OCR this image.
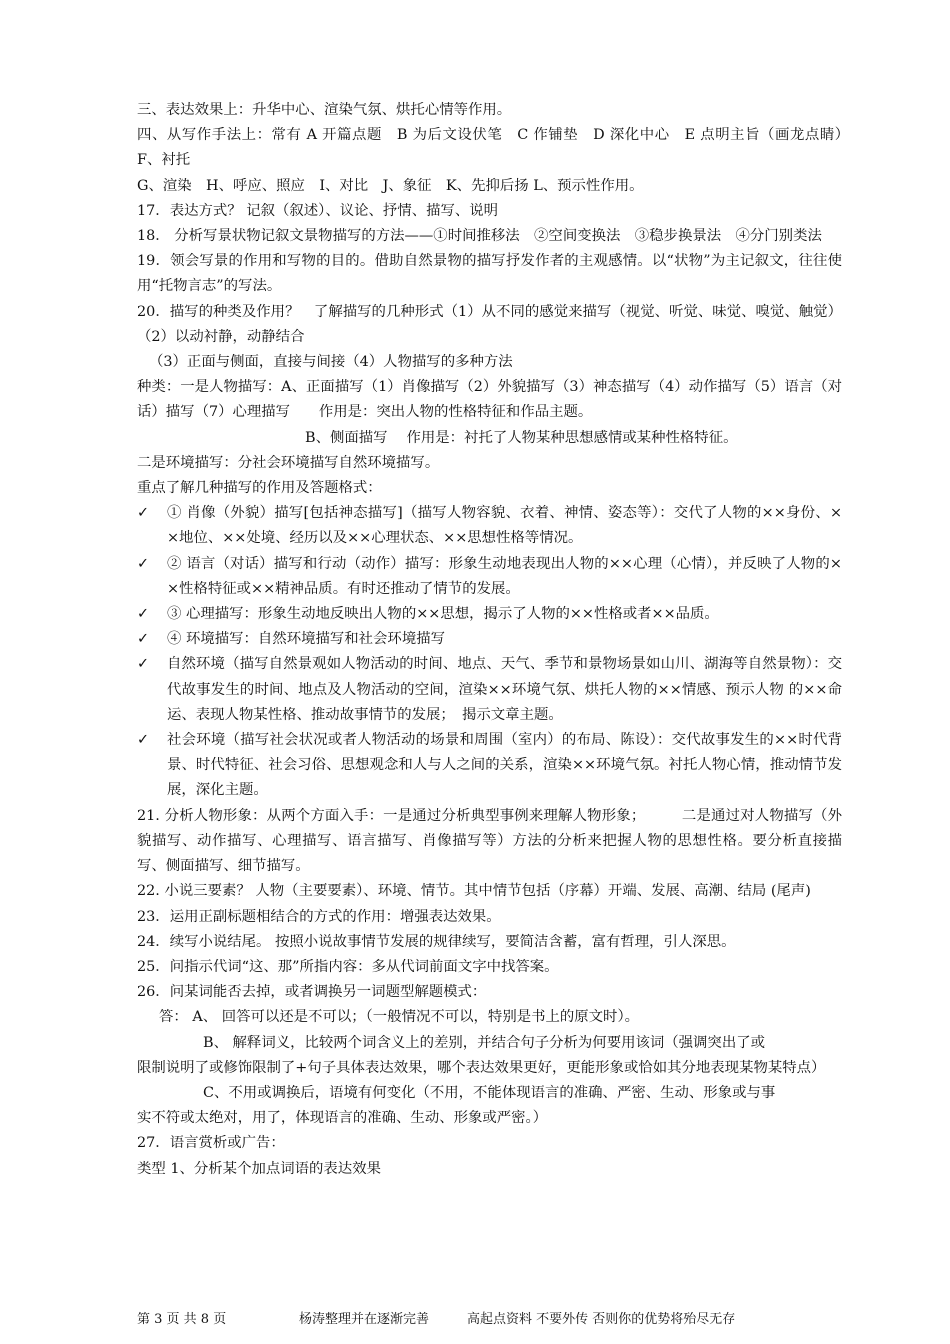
三、表达效果上：升华中心、渲染气氛、烘托心情等作用。

四、从写作手法上：常有 A 开篇点题　B 为后文设伏笔　C 作铺垫　D 深化中心　E 点明主旨（画龙点睛）　F、衬托

G、渲染　H、呼应、照应　I、对比　J、象征　K、先抑后扬 L、预示性作用。

17．表达方式？ 记叙（叙述）、议论、抒情、描写、说明

18． 分析写景状物记叙文景物描写的方法——①时间推移法　②空间变换法　③稳步换景法　④分门别类法

19．领会写景的作用和写物的目的。借助自然景物的描写抒发作者的主观感情。以“状物”为主记叙文，往往使用“托物言志”的写法。

20．描写的种类及作用？　了解描写的几种形式（1）从不同的感觉来描写（视觉、听觉、味觉、嗅觉、触觉）（2）以动衬静，动静结合

（3）正面与侧面，直接与间接（4）人物描写的多种方法

种类：一是人物描写：A、正面描写（1）肖像描写（2）外貌描写（3）神态描写（4）动作描写（5）语言（对话）描写（7）心理描写　　作用是：突出人物的性格特征和作品主题。

B、侧面描写　 作用是：衬托了人物某种思想感情或某种性格特征。

二是环境描写：分社会环境描写自然环境描写。

重点了解几种描写的作用及答题格式：

✓	① 肖像（外貌）描写[包括神态描写]（描写人物容貌、衣着、神情、姿态等）：交代了人物的××身份、××地位、××处境、经历以及××心理状态、××思想性格等情况。
✓	② 语言（对话）描写和行动（动作）描写：形象生动地表现出人物的××心理（心情），并反映了人物的××性格特征或××精神品质。有时还推动了情节的发展。
✓	③ 心理描写：形象生动地反映出人物的××思想，揭示了人物的××性格或者××品质。
✓	④ 环境描写：自然环境描写和社会环境描写
✓	自然环境（描写自然景观如人物活动的时间、地点、天气、季节和景物场景如山川、湖海等自然景物）：交代故事发生的时间、地点及人物活动的空间，渲染××环境气氛、烘托人物的××情感、预示人物 的××命运、表现人物某性格、推动故事情节的发展；　揭示文章主题。
✓	社会环境（描写社会状况或者人物活动的场景和周围（室内）的布局、陈设）：交代故事发生的××时代背景、时代特征、社会习俗、思想观念和人与人之间的关系，渲染××环境气氛。衬托人物心情，推动情节发展，深化主题。

21. 分析人物形象：从两个方面入手：一是通过分析典型事例来理解人物形象；　　　二是通过对人物描写（外貌描写、动作描写、心理描写、语言描写、肖像描写等）方法的分析来把握人物的思想性格。要分析直接描写、侧面描写、细节描写。

22. 小说三要素？ 人物（主要要素）、环境、情节。其中情节包括（序幕）开端、发展、高潮、结局 (尾声)

23．运用正副标题相结合的方式的作用：增强表达效果。

24．续写小说结尾。 按照小说故事情节发展的规律续写，要简洁含蓄，富有哲理，引人深思。

25．问指示代词“这、那”所指内容：多从代词前面文字中找答案。

26．问某词能否去掉，或者调换另一词题型解题模式：

答： A、 回答可以还是不可以；（一般情况不可以，特别是书上的原文时）。

B、 解释词义，比较两个词含义上的差别，并结合句子分析为何要用该词（强调突出了或

限制说明了或修饰限制了+句子具体表达效果，哪个表达效果更好，更能形象或恰如其分地表现某物某特点）

C、不用或调换后，语境有何变化（不用，不能体现语言的准确、严密、生动、形象或与事

实不符或太绝对，用了，体现语言的准确、生动、形象或严密。）

27．语言赏析或广告：

类型 1、分析某个加点词语的表达效果

第 3 页 共 8 页	杨涛整理并在逐渐完善	高起点资料 不要外传 否则你的优势将殆尽无存
